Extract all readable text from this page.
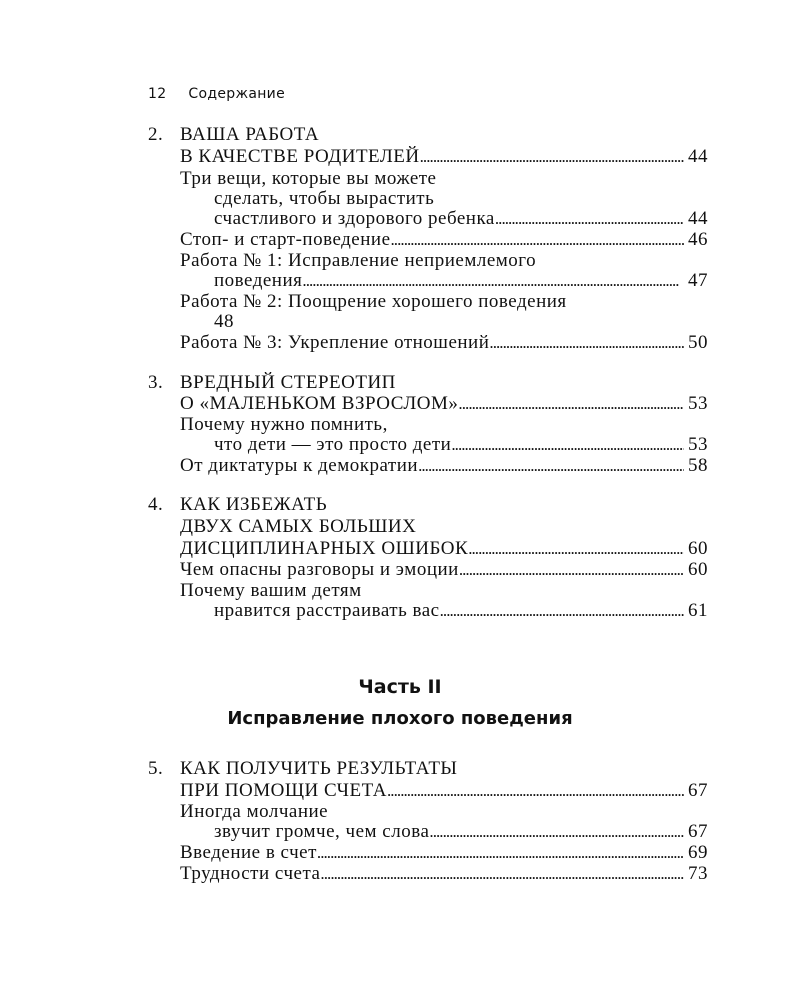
12 Содержание
2. ВАША РАБОТА
В КАЧЕСТВЕ РОДИТЕЛЕЙ . . .	44
Три вещи, которые вы можете
сделать, чтобы вырастить
счастливого и здорового ребенка . . .	44
Стоп- и старт-поведение . . .	46
Работа № 1: Исправление неприемлемого
поведения . . .	47
Работа № 2: Поощрение хорошего поведения
48
Работа № 3: Укрепление отношений . . .	50
3. ВРЕДНЫЙ СТЕРЕОТИП
О «МАЛЕНЬКОМ ВЗРОСЛОМ» . . .	53
Почему нужно помнить,
что дети — это просто дети . . .	53
От диктатуры к демократии . . .	58
4. КАК ИЗБЕЖАТЬ
ДВУХ САМЫХ БОЛЬШИХ
ДИСЦИПЛИНАРНЫХ ОШИБОК . . .	60
Чем опасны разговоры и эмоции . . .	60
Почему вашим детям
нравится расстраивать вас . . .	61
Часть II
Исправление плохого поведения
5. КАК ПОЛУЧИТЬ РЕЗУЛЬТАТЫ
ПРИ ПОМОЩИ СЧЕТА . . .	67
Иногда молчание
звучит громче, чем слова . . .	67
Введение в счет . . .	69
Трудности счета . . .	73
